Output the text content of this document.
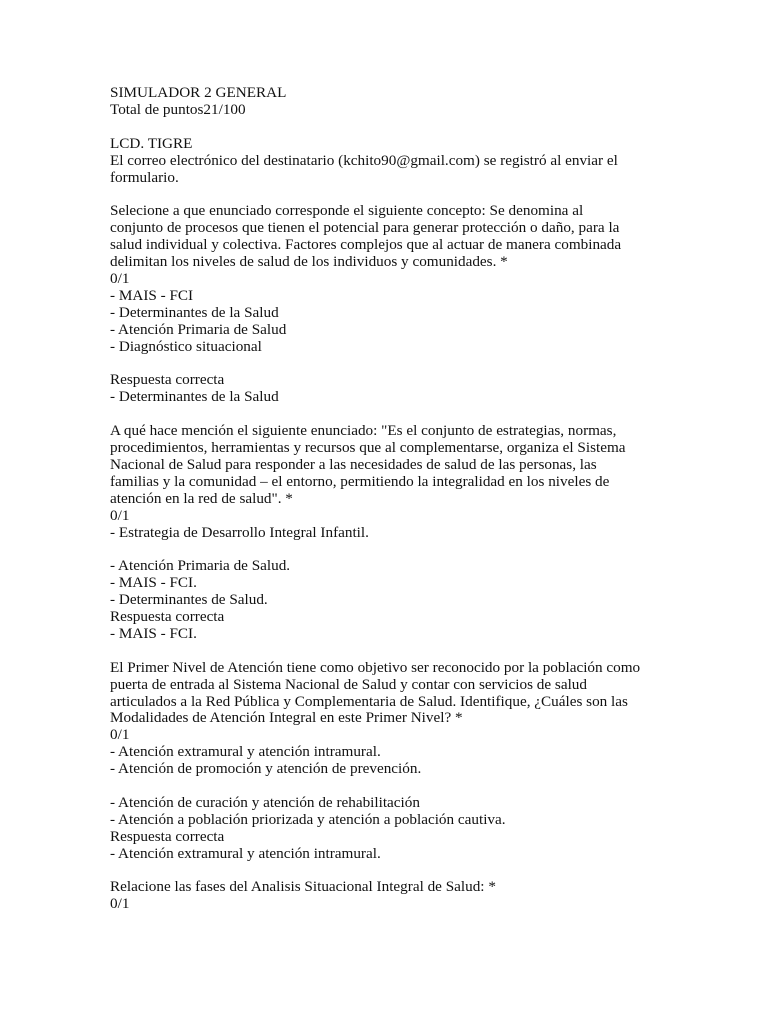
SIMULADOR 2 GENERAL
Total de puntos21/100
LCD. TIGRE
El correo electrónico del destinatario (kchito90@gmail.com) se registró al enviar el
formulario.
Selecione a que enunciado corresponde el siguiente concepto: Se denomina al
conjunto de procesos que tienen el potencial para generar protección o daño, para la
salud individual y colectiva. Factores complejos que al actuar de manera combinada
delimitan los niveles de salud de los individuos y comunidades. *
0/1
- MAIS - FCI
- Determinantes de la Salud
- Atención Primaria de Salud
- Diagnóstico situacional
Respuesta correcta
- Determinantes de la Salud
A qué hace mención el siguiente enunciado: "Es el conjunto de estrategias, normas,
procedimientos, herramientas y recursos que al complementarse, organiza el Sistema
Nacional de Salud para responder a las necesidades de salud de las personas, las
familias y la comunidad – el entorno, permitiendo la integralidad en los niveles de
atención en la red de salud". *
0/1
- Estrategia de Desarrollo Integral Infantil.
- Atención Primaria de Salud.
- MAIS - FCI.
- Determinantes de Salud.
Respuesta correcta
- MAIS - FCI.
El Primer Nivel de Atención tiene como objetivo ser reconocido por la población como
puerta de entrada al Sistema Nacional de Salud y contar con servicios de salud
articulados a la Red Pública y Complementaria de Salud. Identifique, ¿Cuáles son las
Modalidades de Atención Integral en este Primer Nivel? *
0/1
- Atención extramural y atención intramural.
- Atención de promoción y atención de prevención.
- Atención de curación y atención de rehabilitación
- Atención a población priorizada y atención a población cautiva.
Respuesta correcta
- Atención extramural y atención intramural.
Relacione las fases del Analisis Situacional Integral de Salud: *
0/1
